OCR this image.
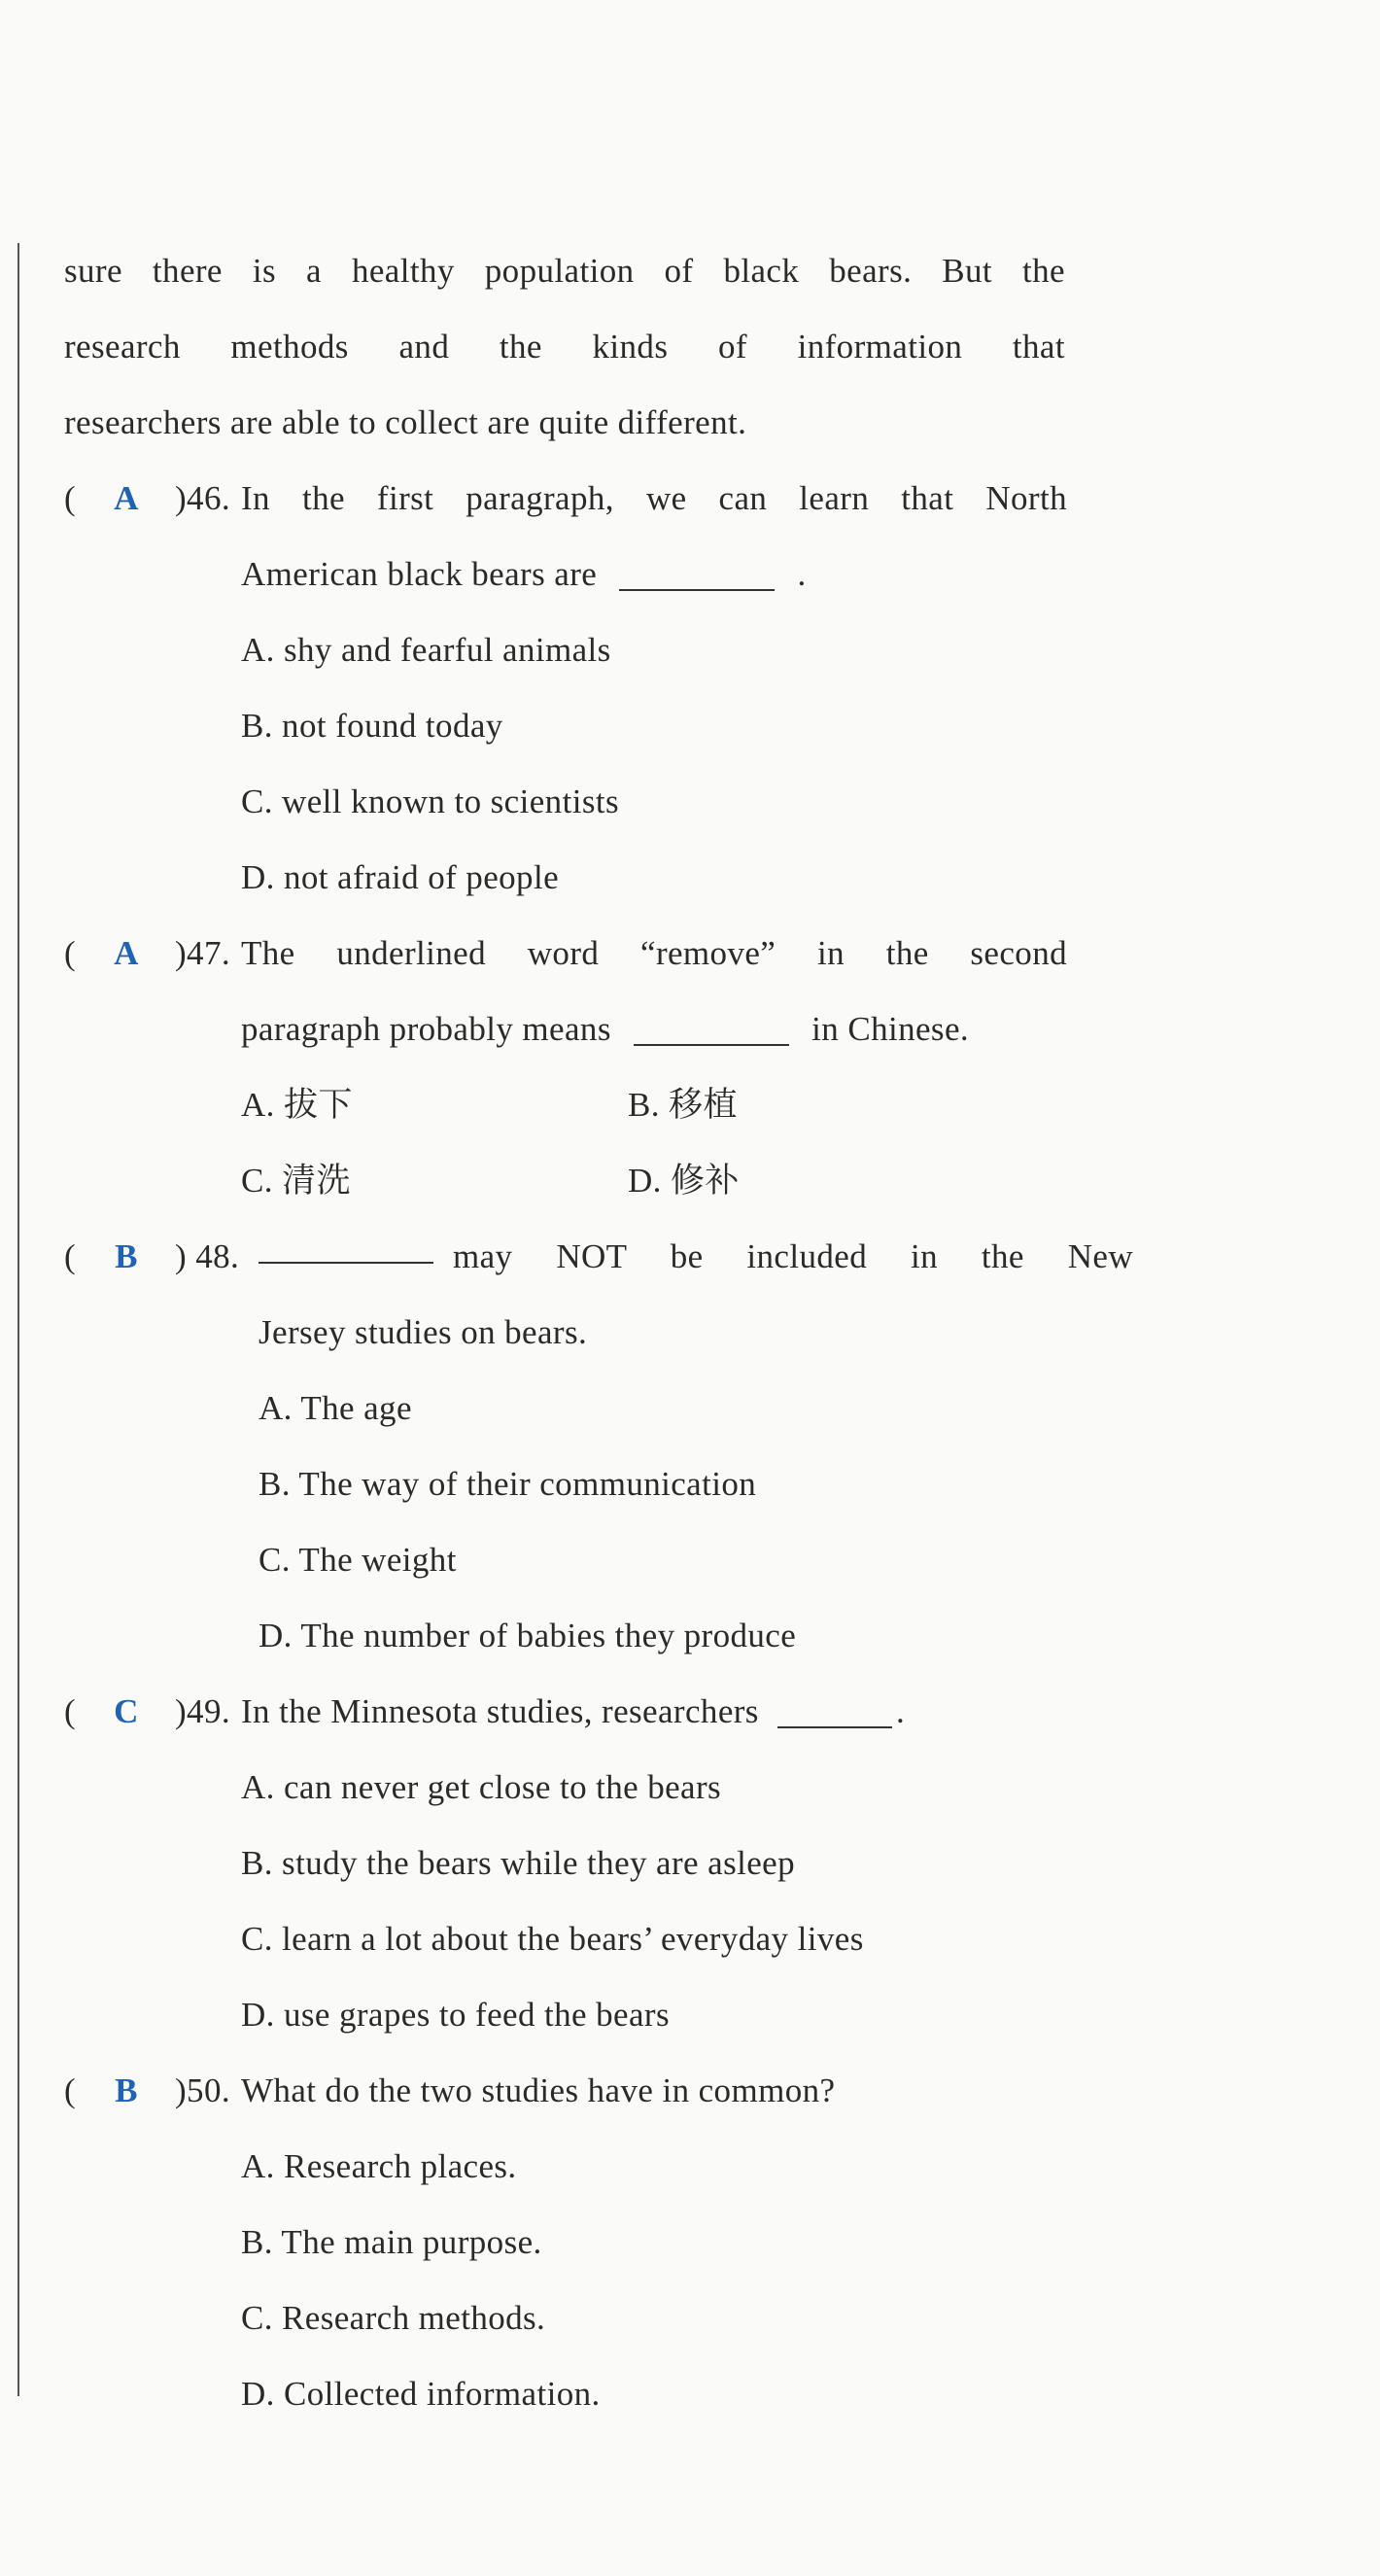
sure there is a healthy population of black bears. But the
research methods and the kinds of information that
researchers are able to collect are quite different.
( A )46. In the first paragraph, we can learn that North
American black bears are	.
A. shy and fearful animals
B. not found today
C. well known to scientists
D. not afraid of people
( A )47. The underlined word “remove” in the second
paragraph probably means	in Chinese.
A. 拔下	B. 移植
C. 清洗	D. 修补
( B ) 48.	may NOT be included in the New
Jersey studies on bears.
A. The age
B. The way of their communication
C. The weight
D. The number of babies they produce
( C )49. In the Minnesota studies, researchers	.
A. can never get close to the bears
B. study the bears while they are asleep
C. learn a lot about the bears’ everyday lives
D. use grapes to feed the bears
( B )50. What do the two studies have in common?
A. Research places.
B. The main purpose.
C. Research methods.
D. Collected information.
